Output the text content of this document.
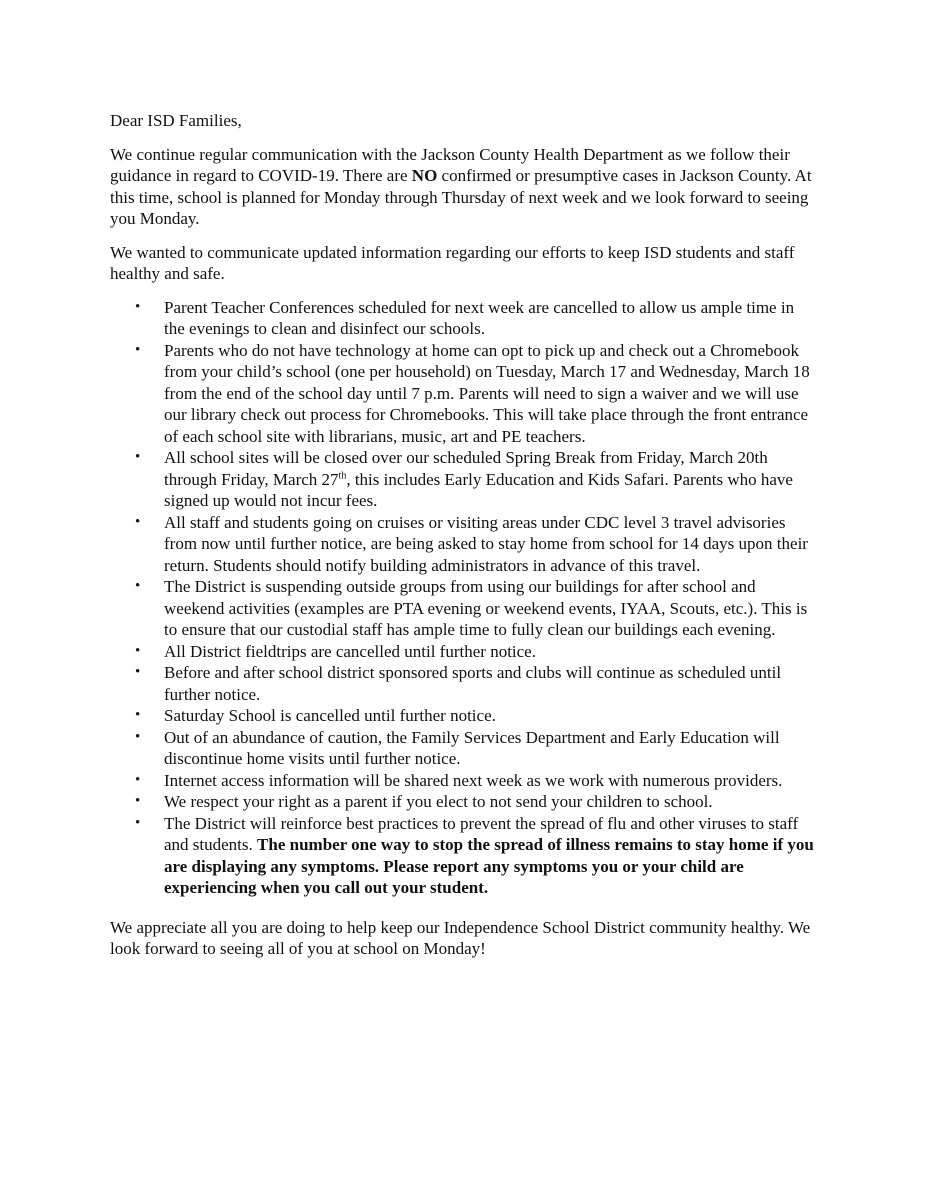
Dear ISD Families,

We continue regular communication with the Jackson County Health Department as we follow their guidance in regard to COVID-19. There are NO confirmed or presumptive cases in Jackson County. At this time, school is planned for Monday through Thursday of next week and we look forward to seeing you Monday.

We wanted to communicate updated information regarding our efforts to keep ISD students and staff healthy and safe.

• Parent Teacher Conferences scheduled for next week are cancelled to allow us ample time in the evenings to clean and disinfect our schools.
• Parents who do not have technology at home can opt to pick up and check out a Chromebook from your child’s school (one per household) on Tuesday, March 17 and Wednesday, March 18 from the end of the school day until 7 p.m. Parents will need to sign a waiver and we will use our library check out process for Chromebooks. This will take place through the front entrance of each school site with librarians, music, art and PE teachers.
• All school sites will be closed over our scheduled Spring Break from Friday, March 20th through Friday, March 27th, this includes Early Education and Kids Safari. Parents who have signed up would not incur fees.
• All staff and students going on cruises or visiting areas under CDC level 3 travel advisories from now until further notice, are being asked to stay home from school for 14 days upon their return. Students should notify building administrators in advance of this travel.
• The District is suspending outside groups from using our buildings for after school and weekend activities (examples are PTA evening or weekend events, IYAA, Scouts, etc.). This is to ensure that our custodial staff has ample time to fully clean our buildings each evening.
• All District fieldtrips are cancelled until further notice.
• Before and after school district sponsored sports and clubs will continue as scheduled until further notice.
• Saturday School is cancelled until further notice.
• Out of an abundance of caution, the Family Services Department and Early Education will discontinue home visits until further notice.
• Internet access information will be shared next week as we work with numerous providers.
• We respect your right as a parent if you elect to not send your children to school.
• The District will reinforce best practices to prevent the spread of flu and other viruses to staff and students. The number one way to stop the spread of illness remains to stay home if you are displaying any symptoms. Please report any symptoms you or your child are experiencing when you call out your student.

We appreciate all you are doing to help keep our Independence School District community healthy. We look forward to seeing all of you at school on Monday!
